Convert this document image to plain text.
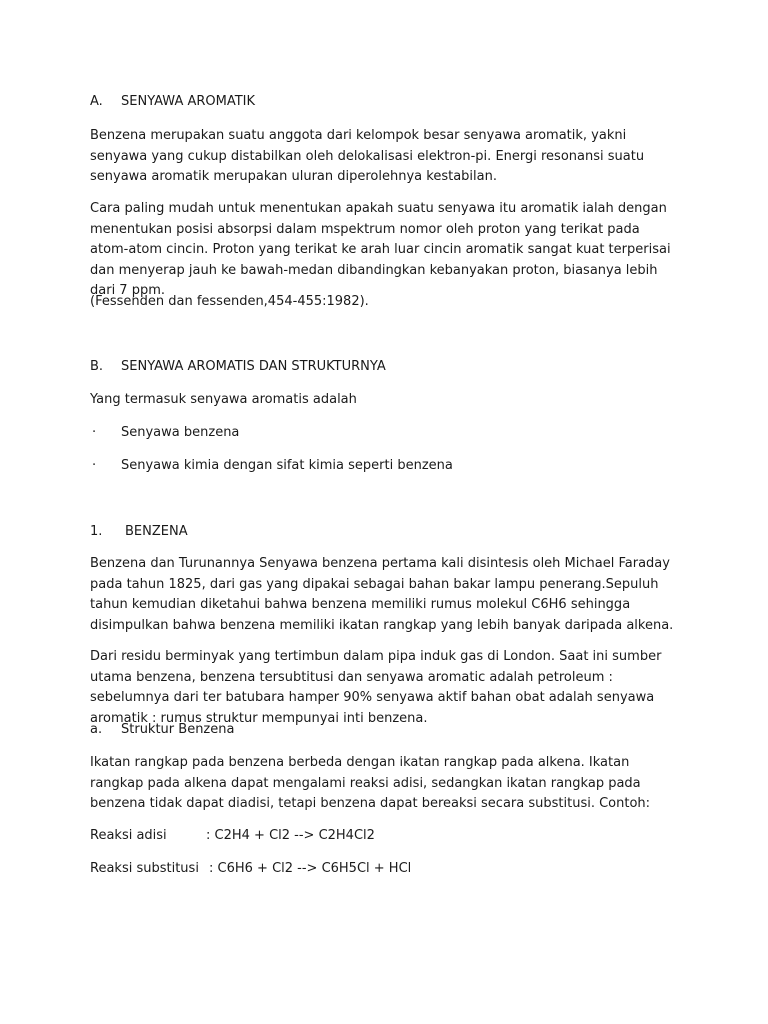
A.	SENYAWA AROMATIK

Benzena merupakan suatu anggota dari kelompok besar senyawa aromatik, yakni senyawa yang cukup distabilkan oleh delokalisasi elektron-pi. Energi resonansi suatu senyawa aromatik merupakan uluran diperolehnya kestabilan.

Cara paling mudah untuk menentukan apakah suatu senyawa itu aromatik ialah dengan menentukan posisi absorpsi dalam mspektrum nomor oleh proton yang terikat pada atom-atom cincin. Proton yang terikat ke arah luar cincin aromatik sangat kuat terperisai dan menyerap jauh ke bawah-medan dibandingkan kebanyakan proton, biasanya lebih dari 7 ppm.

(Fessenden dan fessenden,454-455:1982).

B.	SENYAWA AROMATIS DAN STRUKTURNYA

Yang termasuk senyawa aromatis adalah

·	Senyawa benzena
·	Senyawa kimia dengan sifat kimia seperti benzena
1.	BENZENA

Benzena dan Turunannya Senyawa benzena pertama kali disintesis oleh Michael Faraday pada tahun 1825, dari gas yang dipakai sebagai bahan bakar lampu penerang.Sepuluh tahun kemudian diketahui bahwa benzena memiliki rumus molekul C6H6 sehingga disimpulkan bahwa benzena memiliki ikatan rangkap yang lebih banyak daripada alkena.

Dari residu berminyak yang tertimbun dalam pipa induk gas di London. Saat ini sumber utama benzena, benzena tersubtitusi dan senyawa aromatic adalah petroleum : sebelumnya dari ter batubara hamper 90% senyawa aktif bahan obat adalah senyawa aromatik : rumus struktur mempunyai inti benzena.

a.	Struktur Benzena

Ikatan rangkap pada benzena berbeda dengan ikatan rangkap pada alkena. Ikatan rangkap pada alkena dapat mengalami reaksi adisi, sedangkan ikatan rangkap pada benzena tidak dapat diadisi, tetapi benzena dapat bereaksi secara substitusi. Contoh:

Reaksi adisi	: C2H4 + Cl2 --> C2H4Cl2
Reaksi substitusi : C6H6 + Cl2 --> C6H5Cl + HCl
